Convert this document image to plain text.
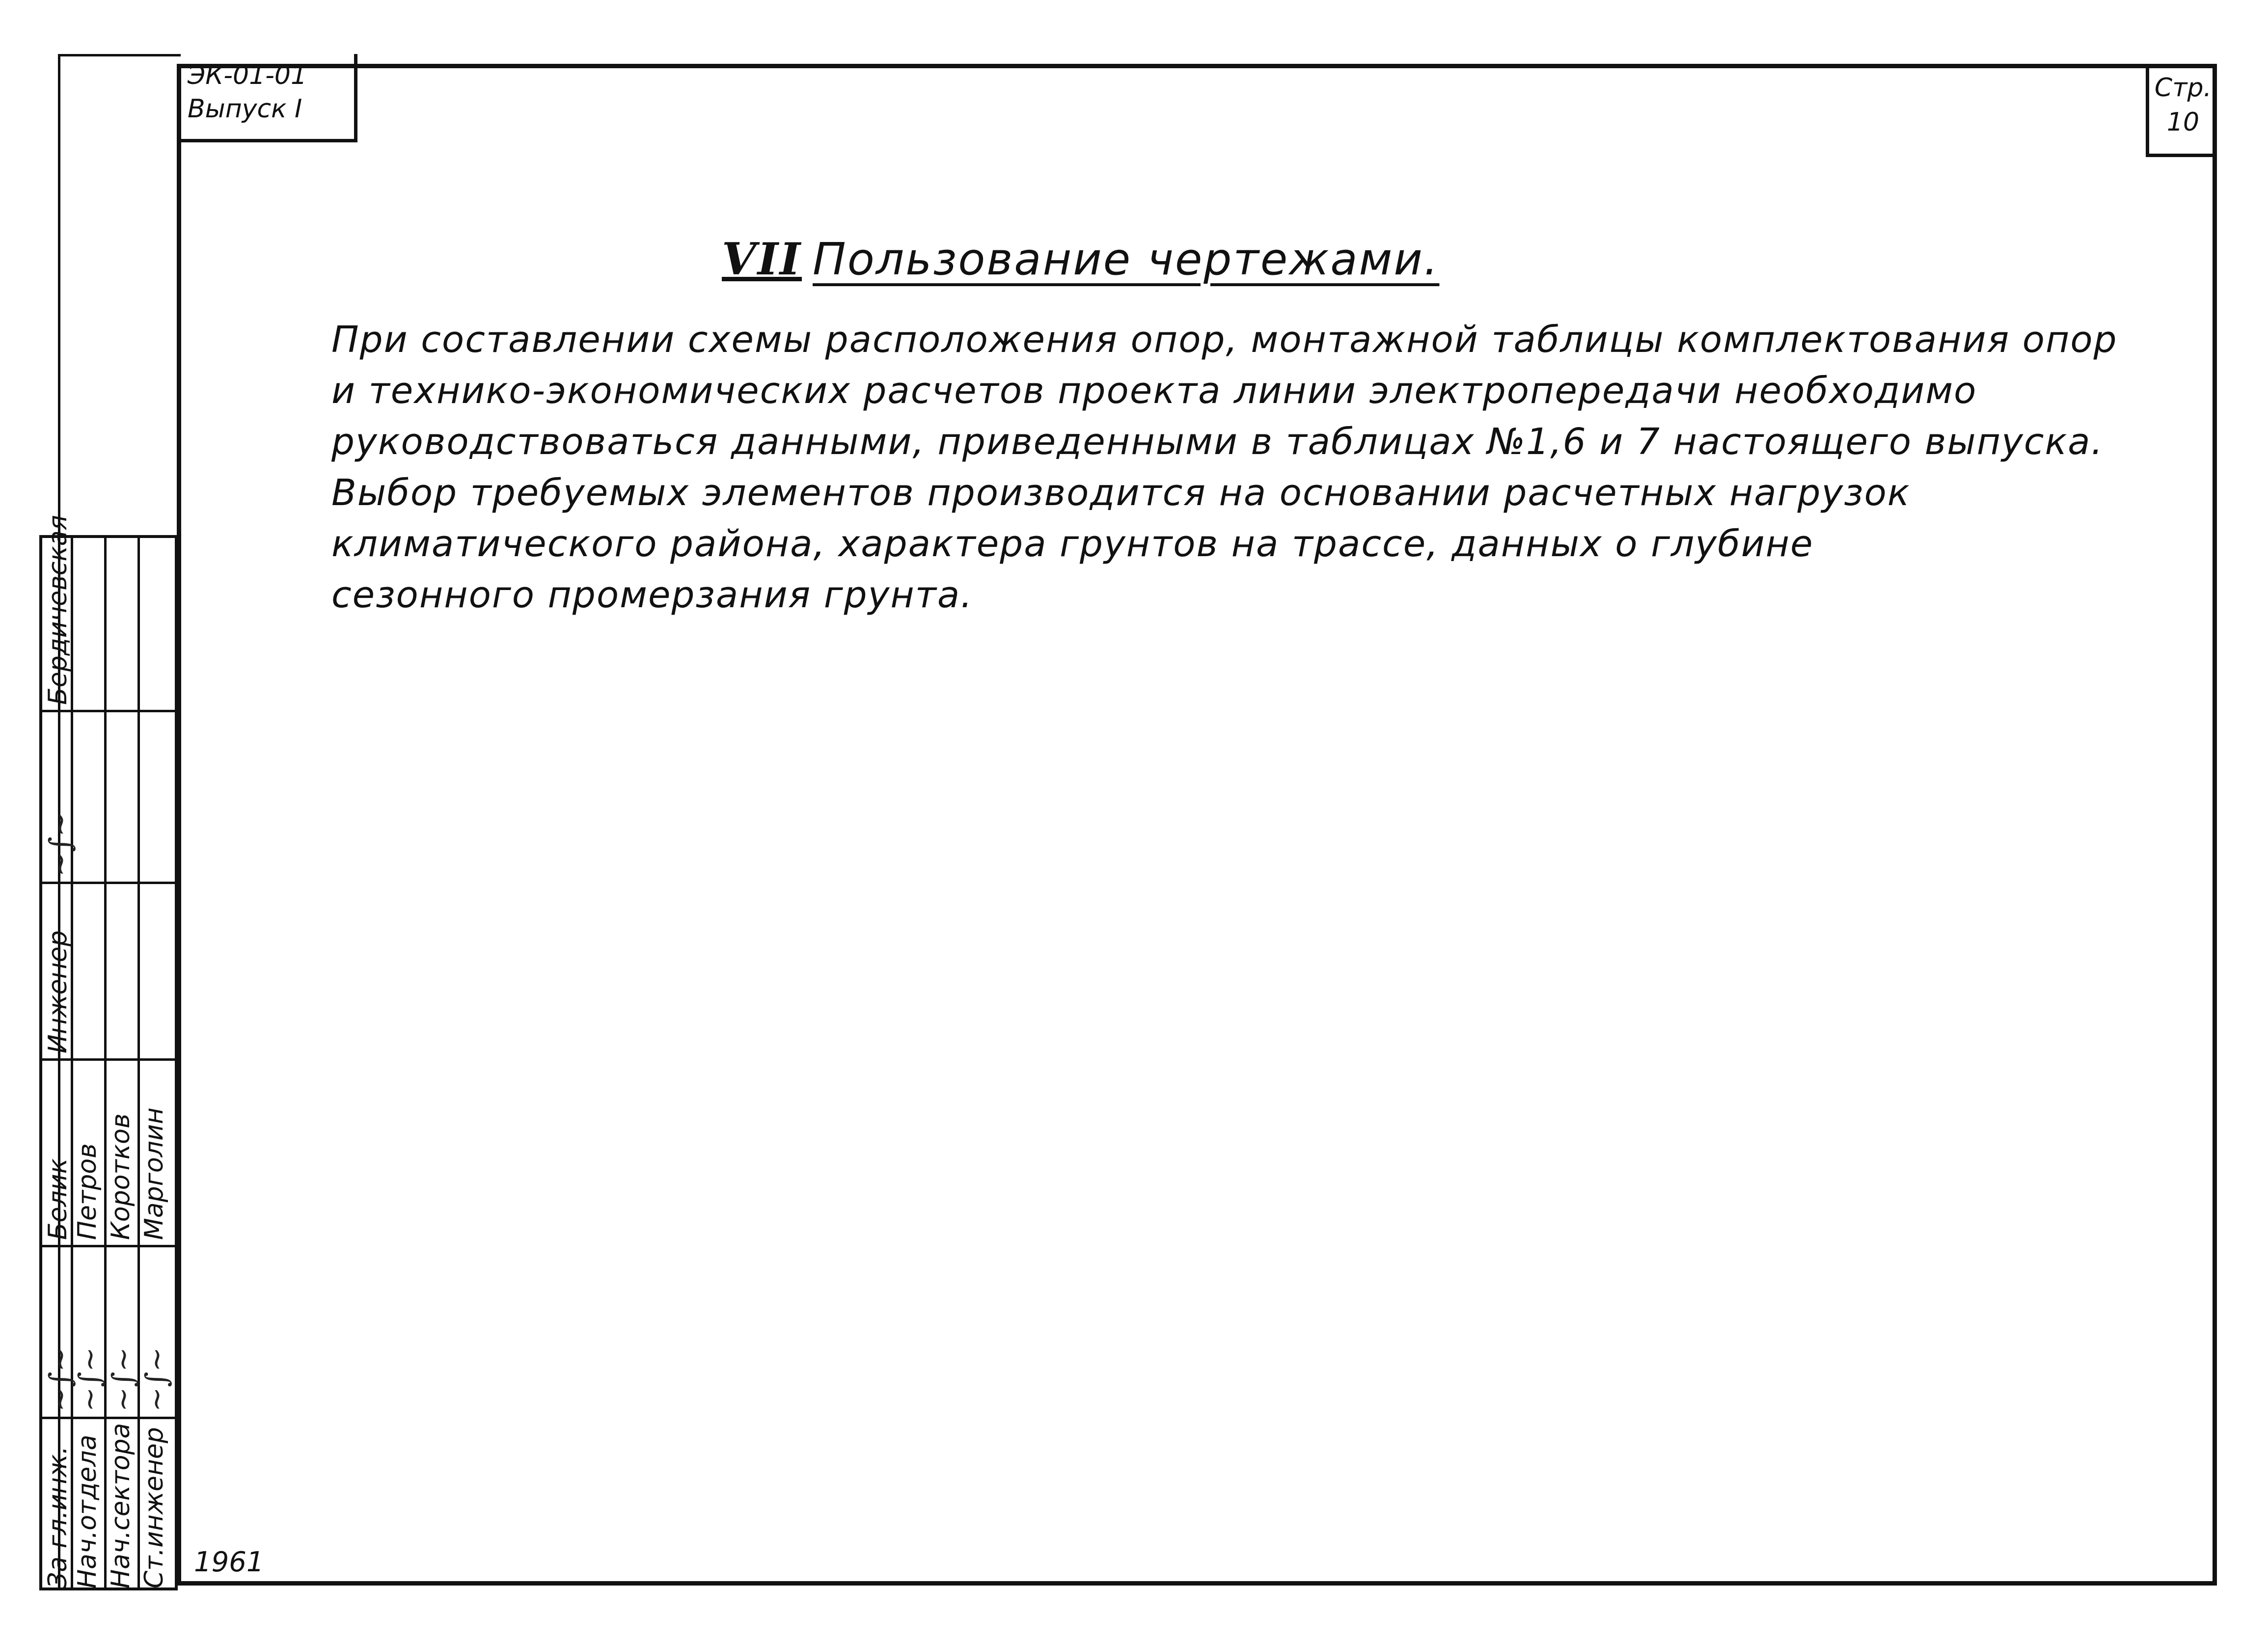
ЭК-01-01
Выпуск I
Стр.
10
VII Пользование чертежами.
При составлении схемы расположения опор, монтажной таблицы комплектования опор
и технико-экономических расчетов проекта линии электропередачи необходимо
руководствоваться данными, приведенными в таблицах №1,6 и 7 настоящего выпуска.
Выбор требуемых элементов производится на основании расчетных нагрузок
климатического района, характера грунтов на трассе, данных о глубине
сезонного промерзания грунта.
За гл.инж. Нач.отдела Нач.сектора Ст.инженер
~∫~
~∫~
~∫~
~∫~
Белик Петров Коротков Марголин
Инженер
~∫~
Бердичевская
1961
